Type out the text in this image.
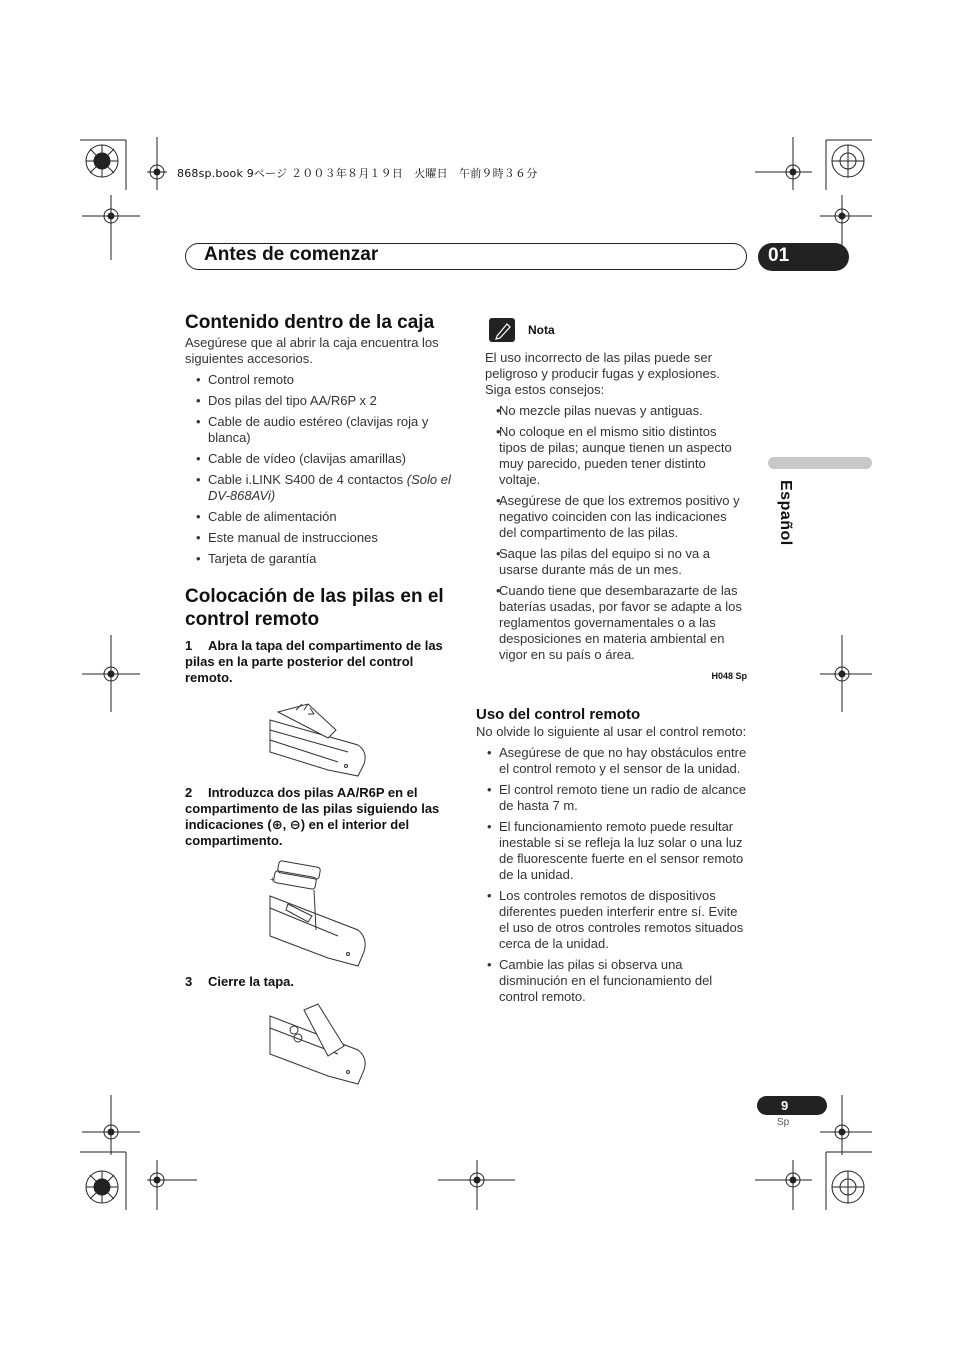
868sp.book 9ページ ２００３年８月１９日　火曜日　午前９時３６分
Antes de comenzar	01
Español
Contenido dentro de la caja

Asegúrese que al abrir la caja encuentra los siguientes accesorios.

• Control remoto
• Dos pilas del tipo AA/R6P x 2
• Cable de audio estéreo (clavijas roja y blanca)
• Cable de vídeo (clavijas amarillas)
• Cable i.LINK S400 de 4 contactos (Solo el DV-868AVi)
• Cable de alimentación
• Este manual de instrucciones
• Tarjeta de garantía
Colocación de las pilas en el control remoto

1 Abra la tapa del compartimento de las pilas en la parte posterior del control remoto.

2 Introduzca dos pilas AA/R6P en el compartimento de las pilas siguiendo las indicaciones (⊕, ⊖) en el interior del compartimento.

+

3 Cierre la tapa.

Nota

El uso incorrecto de las pilas puede ser peligroso y producir fugas y explosiones. Siga estos consejos:

• No mezcle pilas nuevas y antiguas.
• No coloque en el mismo sitio distintos tipos de pilas; aunque tienen un aspecto muy parecido, pueden tener distinto voltaje.
• Asegúrese de que los extremos positivo y negativo coinciden con las indicaciones del compartimento de las pilas.
• Saque las pilas del equipo si no va a usarse durante más de un mes.
• Cuando tiene que desembarazarte de las baterías usadas, por favor se adapte a los reglamentos governamentales o a las desposiciones en materia ambiental en vigor en su país o área.
H048 Sp
Uso del control remoto

No olvide lo siguiente al usar el control remoto:

• Asegúrese de que no hay obstáculos entre el control remoto y el sensor de la unidad.
• El control remoto tiene un radio de alcance de hasta 7 m.
• El funcionamiento remoto puede resultar inestable si se refleja la luz solar o una luz de fluorescente fuerte en el sensor remoto de la unidad.
• Los controles remotos de dispositivos diferentes pueden interferir entre sí. Evite el uso de otros controles remotos situados cerca de la unidad.
• Cambie las pilas si observa una disminución en el funcionamiento del control remoto.
9
Sp
